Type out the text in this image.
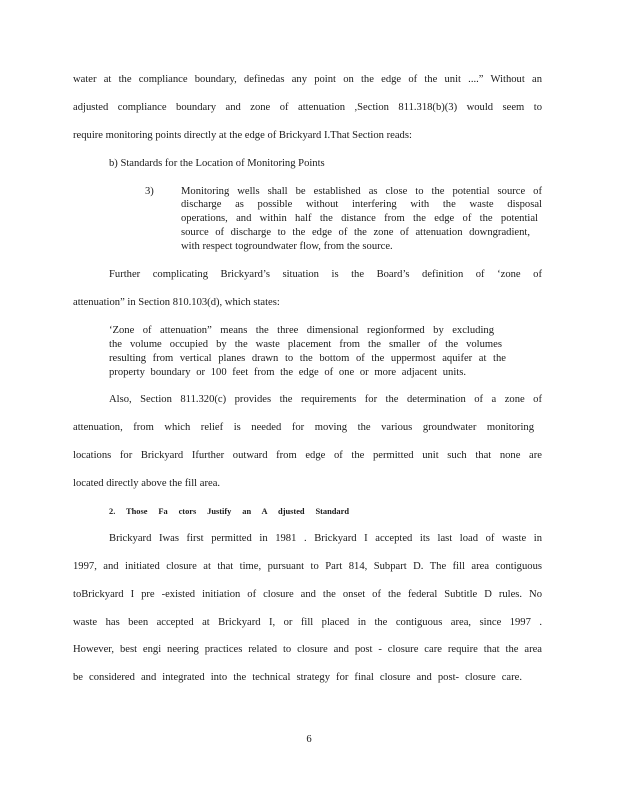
water at the compliance boundary, definedas any point on the edge of the unit ....” Without an
adjusted compliance boundary and zone of attenuation ,Section 811.318(b)(3) would seem to
require monitoring points directly at the edge of Brickyard I.That Section reads:
b) Standards for the Location of Monitoring Points
3)	Monitoring wells shall be established as close to the potential source of
discharge as possible without interfering with the waste disposal
operations, and within half the distance from the edge of the potential
source of discharge to the edge of the zone of attenuation downgradient,
with respect togroundwater flow, from the source.
Further complicating Brickyard’s situation is the Board’s definition of ‘zone of
attenuation” in Section 810.103(d), which states:
‘Zone of attenuation” means the three dimensional regionformed by excluding
the volume occupied by the waste placement from the smaller of the volumes
resulting from vertical planes drawn to the bottom of the uppermost aquifer at the
property boundary or 100 feet from the edge of one or more adjacent units.
Also, Section 811.320(c) provides the requirements for the determination of a zone of
attenuation, from which relief is needed for moving the various groundwater monitoring
locations for Brickyard Ifurther outward from edge of the permitted unit such that none are
located directly above the fill area.
2. Those Fa ctors Justify an A djusted Standard
Brickyard Iwas first permitted in 1981 . Brickyard I accepted its last load of waste in
1997, and initiated closure at that time, pursuant to Part 814, Subpart D. The fill area contiguous
toBrickyard I pre -existed initiation of closure and the onset of the federal Subtitle D rules. No
waste has been accepted at Brickyard I, or fill placed in the contiguous area, since 1997 .
However, best engi neering practices related to closure and post - closure care require that the area
be considered and integrated into the technical strategy for final closure and post- closure care.
6
